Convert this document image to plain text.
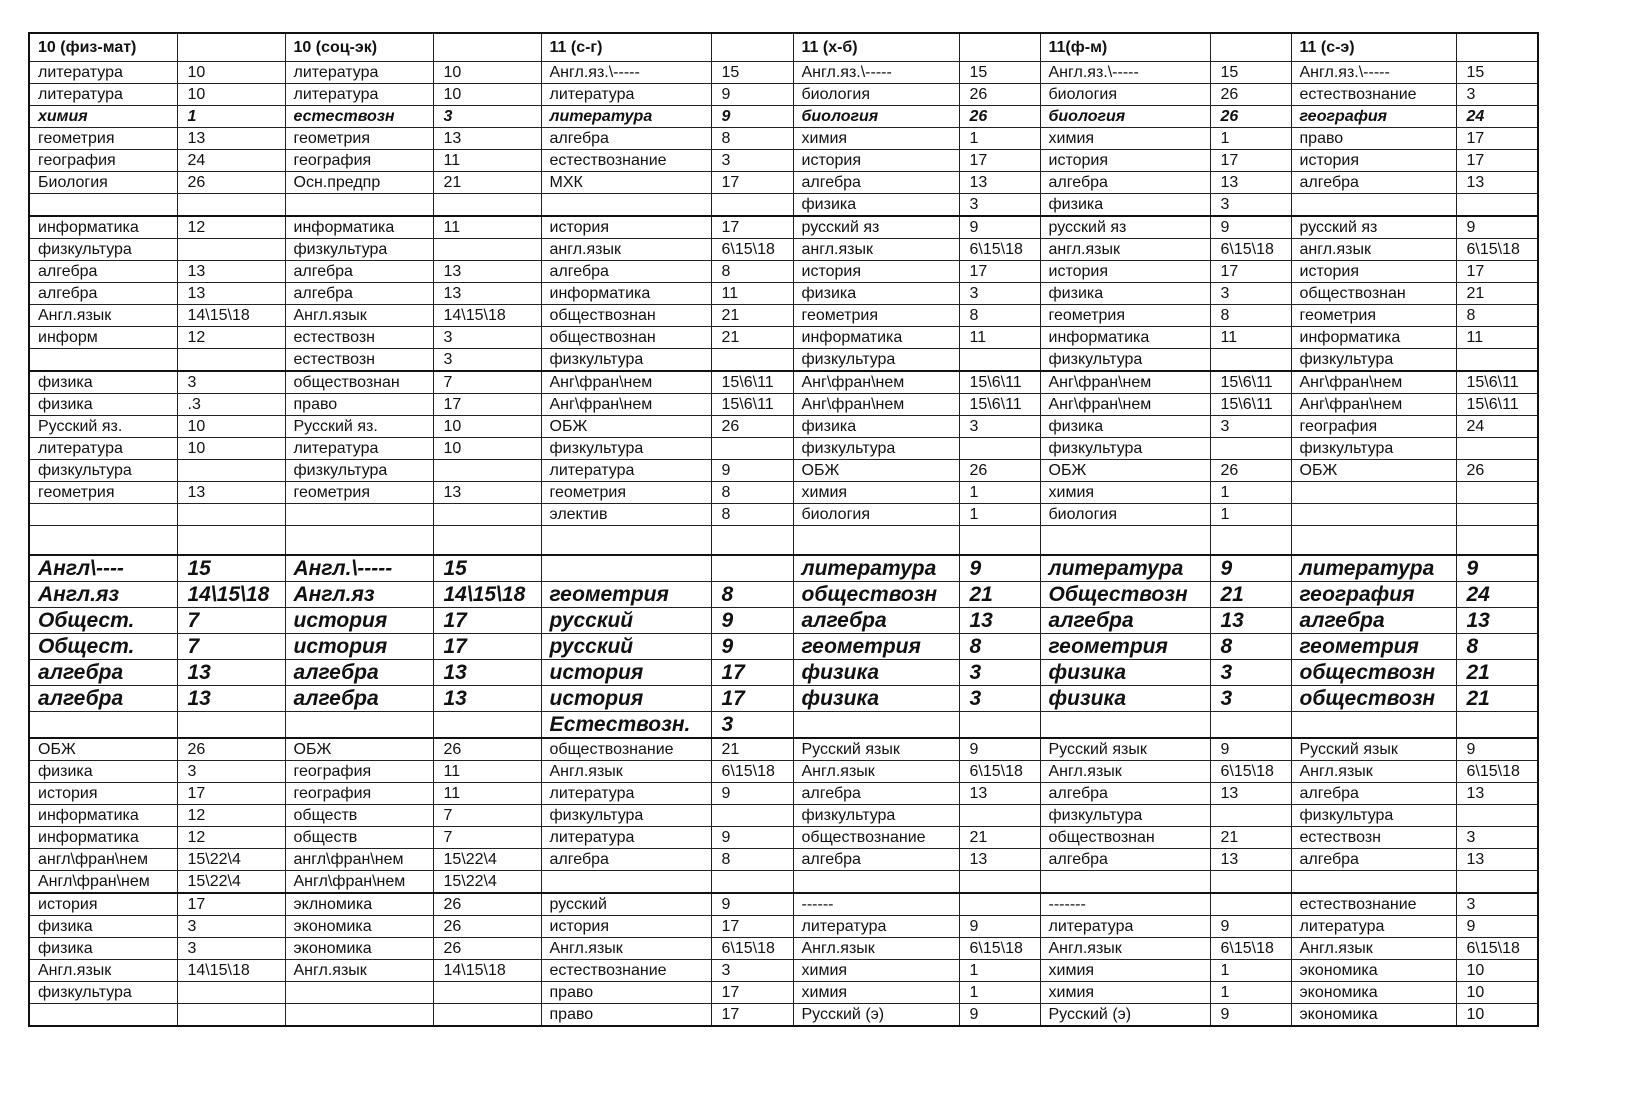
10 (физ-мат)		10 (соц-эк)		11 (с-г)		11 (х-б)		11(ф-м)		11 (с-э)	
литература	10	литература	10	Англ.яз.\-----	15	Англ.яз.\-----	15	Англ.яз.\-----	15	Англ.яз.\-----	15
литература	10	литература	10	литература	9	биология	26	биология	26	естествознание	3
химия	1	естествозн	3	литература	9	биология	26	биология	26	география	24
геометрия	13	геометрия	13	алгебра	8	химия	1	химия	1	право	17
география	24	география	11	естествознание	3	история	17	история	17	история	17
Биология	26	Осн.предпр	21	МХК	17	алгебра	13	алгебра	13	алгебра	13
						физика	3	физика	3		
информатика	12	информатика	11	история	17	русский яз	9	русский яз	9	русский яз	9
физкультура		физкультура		англ.язык	6\15\18	англ.язык	6\15\18	англ.язык	6\15\18	англ.язык	6\15\18
алгебра	13	алгебра	13	алгебра	8	история	17	история	17	история	17
алгебра	13	алгебра	13	информатика	11	физика	3	физика	3	обществознан	21
Англ.язык	14\15\18	Англ.язык	14\15\18	обществознан	21	геометрия	8	геометрия	8	геометрия	8
информ	12	естествозн	3	обществознан	21	информатика	11	информатика	11	информатика	11
		естествозн	3	физкультура		физкультура		физкультура		физкультура	
физика	3	обществознан	7	Анг\фран\нем	15\6\11	Анг\фран\нем	15\6\11	Анг\фран\нем	15\6\11	Анг\фран\нем	15\6\11
физика	.3	право	17	Анг\фран\нем	15\6\11	Анг\фран\нем	15\6\11	Анг\фран\нем	15\6\11	Анг\фран\нем	15\6\11
Русский яз.	10	Русский яз.	10	ОБЖ	26	физика	3	физика	3	география	24
литература	10	литература	10	физкультура		физкультура		физкультура		физкультура	
физкультура		физкультура		литература	9	ОБЖ	26	ОБЖ	26	ОБЖ	26
геометрия	13	геометрия	13	геометрия	8	химия	1	химия	1		
				электив	8	биология	1	биология	1		

Англ\----	15	Англ.\-----	15			литература	9	литература	9	литература	9
Англ.яз	14\15\18	Англ.яз	14\15\18	геометрия	8	обществозн	21	Обществозн	21	география	24
Общест.	7	история	17	русский	9	алгебра	13	алгебра	13	алгебра	13
Общест.	7	история	17	русский	9	геометрия	8	геометрия	8	геометрия	8
алгебра	13	алгебра	13	история	17	физика	3	физика	3	обществозн	21
алгебра	13	алгебра	13	история	17	физика	3	физика	3	обществозн	21
				Естествозн.	3						
ОБЖ	26	ОБЖ	26	обществознание	21	Русский язык	9	Русский язык	9	Русский язык	9
физика	3	география	11	Англ.язык	6\15\18	Англ.язык	6\15\18	Англ.язык	6\15\18	Англ.язык	6\15\18
история	17	география	11	литература	9	алгебра	13	алгебра	13	алгебра	13
информатика	12	обществ	7	физкультура		физкультура		физкультура		физкультура	
информатика	12	обществ	7	литература	9	обществознание	21	обществознан	21	естествозн	3
англ\фран\нем	15\22\4	англ\фран\нем	15\22\4	алгебра	8	алгебра	13	алгебра	13	алгебра	13
Англ\фран\нем	15\22\4	Англ\фран\нем	15\22\4								
история	17	эклномика	26	русский	9	------		-------		естествознание	3
физика	3	экономика	26	история	17	литература	9	литература	9	литература	9
физика	3	экономика	26	Англ.язык	6\15\18	Англ.язык	6\15\18	Англ.язык	6\15\18	Англ.язык	6\15\18
Англ.язык	14\15\18	Англ.язык	14\15\18	естествознание	3	химия	1	химия	1	экономика	10
физкультура				право	17	химия	1	химия	1	экономика	10
				право	17	Русский (э)	9	Русский (э)	9	экономика	10
